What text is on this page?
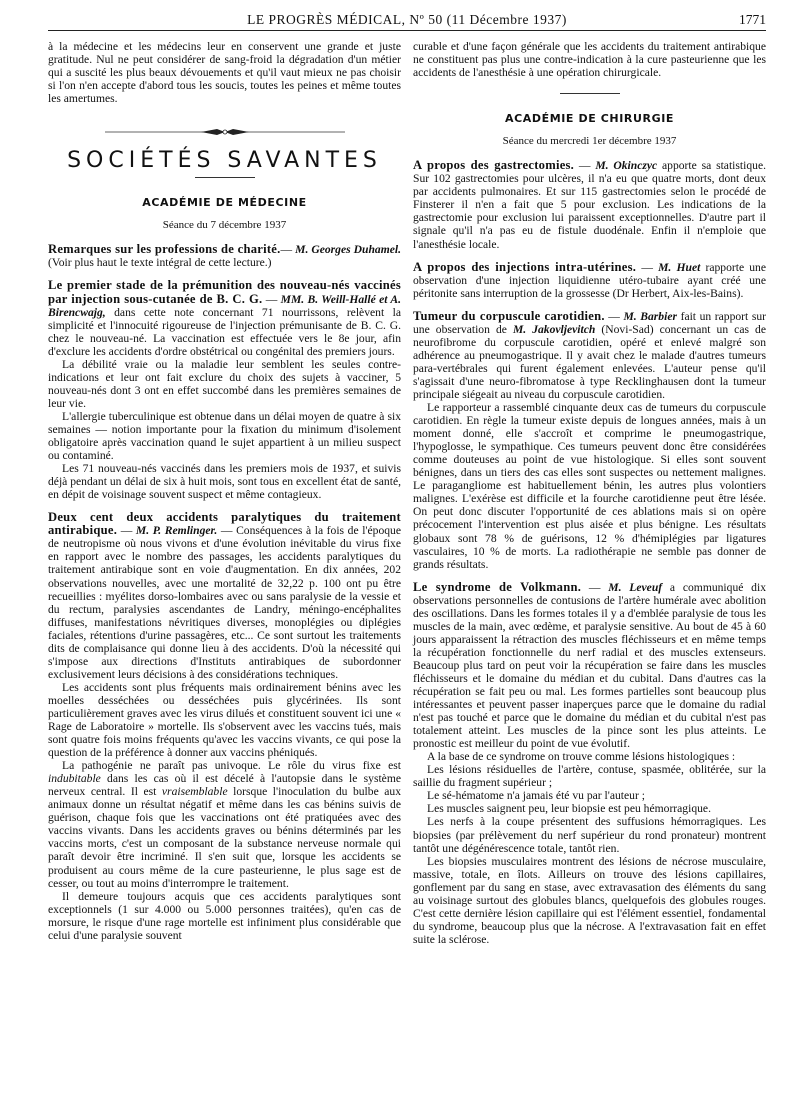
LE PROGRÈS MÉDICAL, Nº 50 (11 Décembre 1937)	1771

à la médecine et les médecins leur en conservent une grande et juste gratitude. Nul ne peut considérer de sang-froid la dégradation d'un métier qui a suscité les plus beaux dévouements et qu'il vaut mieux ne pas choisir si l'on n'en accepte d'abord tous les soucis, toutes les peines et même toutes les amertumes.

SOCIÉTÉS SAVANTES
ACADÉMIE DE MÉDECINE
Séance du 7 décembre 1937

Remarques sur les professions de charité.— M. Georges Duhamel. (Voir plus haut le texte intégral de cette lecture.)

Le premier stade de la prémunition des nouveau-nés vaccinés par injection sous-cutanée de B. C. G. — MM. B. Weill-Hallé et A. Birencwajg, dans cette note concernant 71 nourrissons, relèvent la simplicité et l'innocuité rigoureuse de l'injection prémunisante de B. C. G. chez le nouveau-né. La vaccination est effectuée vers le 8e jour, afin d'exclure les accidents d'ordre obstétrical ou congénital des premiers jours.

La débilité vraie ou la maladie leur semblent les seules contre-indications et leur ont fait exclure du choix des sujets à vacciner, 5 nouveau-nés dont 3 ont en effet succombé dans les premières semaines de leur vie.

L'allergie tuberculinique est obtenue dans un délai moyen de quatre à six semaines — notion importante pour la fixation du minimum d'isolement obligatoire après vaccination quand le sujet appartient à un milieu suspect ou contaminé.

Les 71 nouveau-nés vaccinés dans les premiers mois de 1937, et suivis déjà pendant un délai de six à huit mois, sont tous en excellent état de santé, en dépit de voisinage souvent suspect et même contagieux.

Deux cent deux accidents paralytiques du traitement antirabique. — M. P. Remlinger. — Conséquences à la fois de l'époque de neutropisme où nous vivons et d'une évolution inévitable du virus fixe en rapport avec le nombre des passages, les accidents paralytiques du traitement antirabique sont en voie d'augmentation. En dix années, 202 observations nouvelles, avec une mortalité de 32,22 p. 100 ont pu être recueillies : myélites dorso-lombaires avec ou sans paralysie de la vessie et du rectum, paralysies ascendantes de Landry, méningo-encéphalites diffuses, manifestations névritiques diverses, monoplégies ou diplégies faciales, rétentions d'urine passagères, etc... Ce sont surtout les traitements dits de complaisance qui donne lieu à des accidents. D'où la nécessité qui s'impose aux directions d'Instituts antirabiques de subordonner exclusivement leurs décisions à des considérations techniques.

Les accidents sont plus fréquents mais ordinairement bénins avec les moelles desséchées ou desséchées puis glycérinées. Ils sont particulièrement graves avec les virus dilués et constituent souvent ici une « Rage de Laboratoire » mortelle. Ils s'observent avec les vaccins tués, mais sont quatre fois moins fréquents qu'avec les vaccins vivants, ce qui pose la question de la préférence à donner aux vaccins phéniqués.

La pathogénie ne paraît pas univoque. Le rôle du virus fixe est indubitable dans les cas où il est décelé à l'autopsie dans le système nerveux central. Il est vraisemblable lorsque l'inoculation du bulbe aux animaux donne un résultat négatif et même dans les cas bénins suivis de guérison, chaque fois que les vaccinations ont été pratiquées avec des vaccins vivants. Dans les accidents graves ou bénins déterminés par les vaccins morts, c'est un composant de la substance nerveuse normale qui paraît devoir être incriminé. Il s'en suit que, lorsque les accidents se produisent au cours même de la cure pasteurienne, le plus sage est de cesser, ou tout au moins d'interrompre le traitement.

Il demeure toujours acquis que ces accidents paralytiques sont exceptionnels (1 sur 4.000 ou 5.000 personnes traitées), qu'en cas de morsure, le risque d'une rage mortelle est infiniment plus considérable que celui d'une paralysie souvent

curable et d'une façon générale que les accidents du traitement antirabique ne constituent pas plus une contre-indication à la cure pasteurienne que les accidents de l'anesthésie à une opération chirurgicale.

ACADÉMIE DE CHIRURGIE
Séance du mercredi 1er décembre 1937

A propos des gastrectomies. — M. Okinczyc apporte sa statistique. Sur 102 gastrectomies pour ulcères, il n'a eu que quatre morts, dont deux par accidents pulmonaires. Et sur 115 gastrectomies selon le procédé de Finsterer il n'en a fait que 5 pour exclusion. Les indications de la gastrectomie pour exclusion lui paraissent exceptionnelles. D'autre part il signale qu'il n'a pas eu de fistule duodénale. Enfin il n'emploie que l'anesthésie locale.

A propos des injections intra-utérines. — M. Huet rapporte une observation d'une injection liquidienne utéro-tubaire ayant créé une péritonite sans interruption de la grossesse (Dr Herbert, Aix-les-Bains).

Tumeur du corpuscule carotidien. — M. Barbier fait un rapport sur une observation de M. Jakovljevitch (Novi-Sad) concernant un cas de neurofibrome du corpuscule carotidien, opéré et enlevé malgré son adhérence au pneumogastrique. Il y avait chez le malade d'autres tumeurs para-vertébrales qui furent également enlevées. L'auteur pense qu'il s'agissait d'une neuro-fibromatose à type Recklinghausen dont la tumeur principale siégeait au niveau du corpuscule carotidien.

Le rapporteur a rassemblé cinquante deux cas de tumeurs du corpuscule carotidien. En règle la tumeur existe depuis de longues années, mais à un moment donné, elle s'accroît et comprime le pneumogastrique, l'hypoglosse, le sympathique. Ces tumeurs peuvent donc être considérées comme douteuses au point de vue histologique. Si elles sont souvent bénignes, dans un tiers des cas elles sont suspectes ou nettement malignes. Le paragangliome est habituellement bénin, les autres plus volontiers malignes. L'exérèse est difficile et la fourche carotidienne peut être lésée. On peut donc discuter l'opportunité de ces ablations mais si on opère précocement l'intervention est plus aisée et plus bénigne. Les résultats globaux sont 78 % de guérisons, 12 % d'hémiplégies par ligatures vasculaires, 10 % de morts. La radiothérapie ne semble pas donner de grands résultats.

Le syndrome de Volkmann. — M. Leveuf a communiqué dix observations personnelles de contusions de l'artère humérale avec abolition des oscillations. Dans les formes totales il y a d'emblée paralysie de tous les muscles de la main, avec œdème, et paralysie sensitive. Au bout de 45 à 60 jours apparaissent la rétraction des muscles fléchisseurs et en même temps la récupération fonctionnelle du nerf radial et des muscles extenseurs. Beaucoup plus tard on peut voir la récupération se faire dans les muscles fléchisseurs et le domaine du médian et du cubital. Dans d'autres cas la récupération se fait peu ou mal. Les formes partielles sont beaucoup plus intéressantes et peuvent passer inaperçues parce que le domaine du radial n'est pas touché et parce que le domaine du médian et du cubital n'est pas totalement atteint. Les muscles de la pince sont les plus atteints. Le pronostic est meilleur du point de vue évolutif.

A la base de ce syndrome on trouve comme lésions histologiques :

Les lésions résiduelles de l'artère, contuse, spasmée, oblitérée, sur la saillie du fragment supérieur ;

Le sé-hématome n'a jamais été vu par l'auteur ;

Les muscles saignent peu, leur biopsie est peu hémorragique.

Les nerfs à la coupe présentent des suffusions hémorragiques. Les biopsies (par prélèvement du nerf supérieur du rond pronateur) montrent tantôt une dégénérescence totale, tantôt rien.

Les biopsies musculaires montrent des lésions de nécrose musculaire, massive, totale, en îlots. Ailleurs on trouve des lésions capillaires, gonflement par du sang en stase, avec extravasation des éléments du sang au voisinage surtout des globules blancs, quelquefois des globules rouges. C'est cette dernière lésion capillaire qui est l'élément essentiel, fondamental du syndrome, beaucoup plus que la nécrose. A l'extravasation fait en effet suite la sclérose.
